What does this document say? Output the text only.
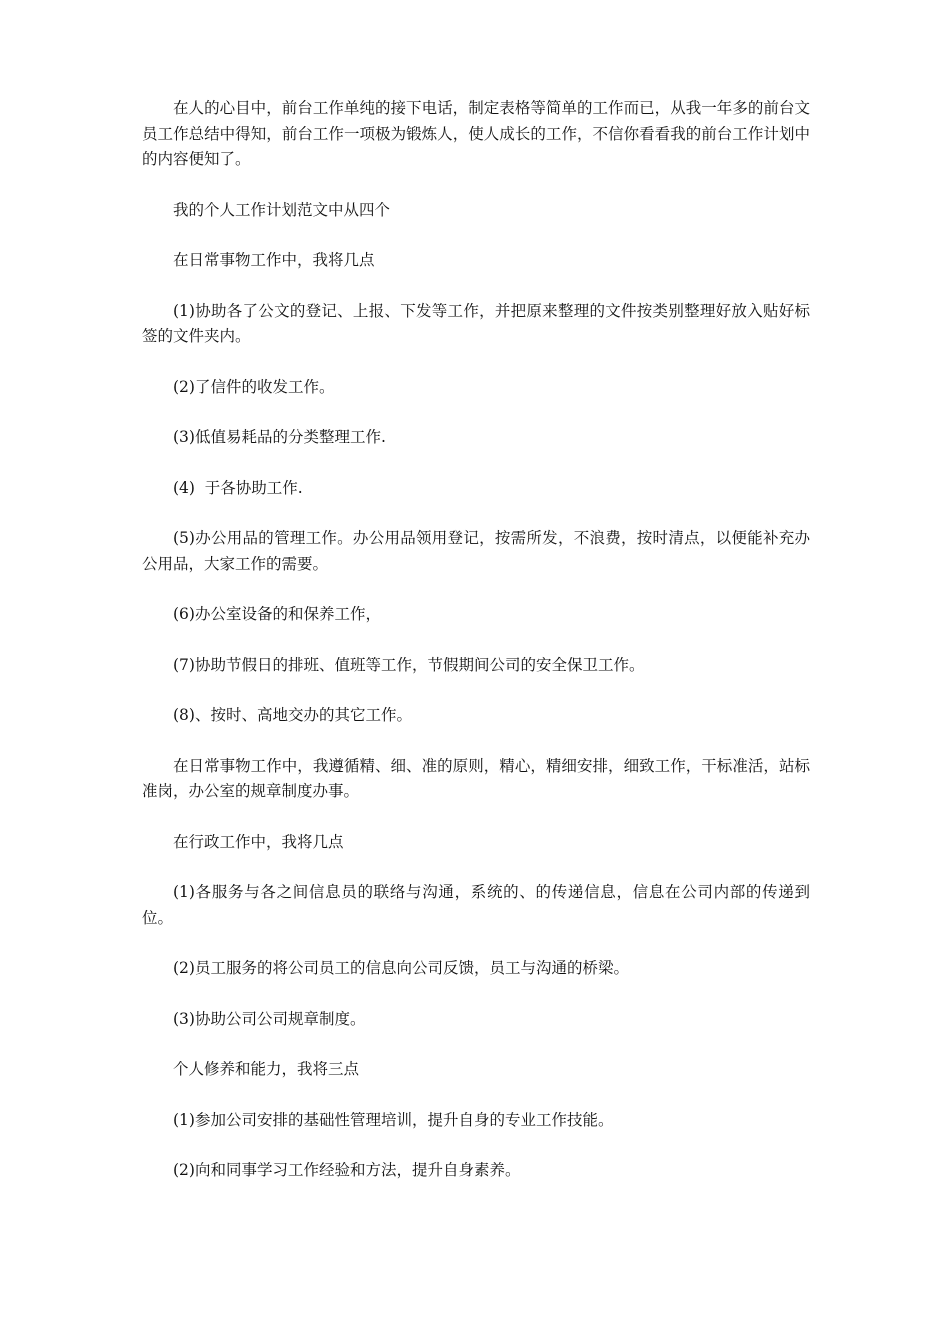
在人的心目中，前台工作单纯的接下电话，制定表格等简单的工作而已，从我一年多的前台文员工作总结中得知，前台工作一项极为锻炼人，使人成长的工作，不信你看看我的前台工作计划中的内容便知了。

我的个人工作计划范文中从四个

在日常事物工作中，我将几点

(1)协助各了公文的登记、上报、下发等工作，并把原来整理的文件按类别整理好放入贴好标签的文件夹内。

(2)了信件的收发工作。

(3)低值易耗品的分类整理工作.

(4)  于各协助工作.

(5)办公用品的管理工作。办公用品领用登记，按需所发，不浪费，按时清点，以便能补充办公用品，大家工作的需要。

(6)办公室设备的和保养工作，

(7)协助节假日的排班、值班等工作，节假期间公司的安全保卫工作。

(8)、按时、高地交办的其它工作。

在日常事物工作中，我遵循精、细、准的原则，精心，精细安排，细致工作，干标准活，站标准岗，办公室的规章制度办事。

在行政工作中，我将几点

(1)各服务与各之间信息员的联络与沟通，系统的、的传递信息，信息在公司内部的传递到位。

(2)员工服务的将公司员工的信息向公司反馈，员工与沟通的桥梁。

(3)协助公司公司规章制度。

个人修养和能力，我将三点

(1)参加公司安排的基础性管理培训，提升自身的专业工作技能。

(2)向和同事学习工作经验和方法，提升自身素养。
